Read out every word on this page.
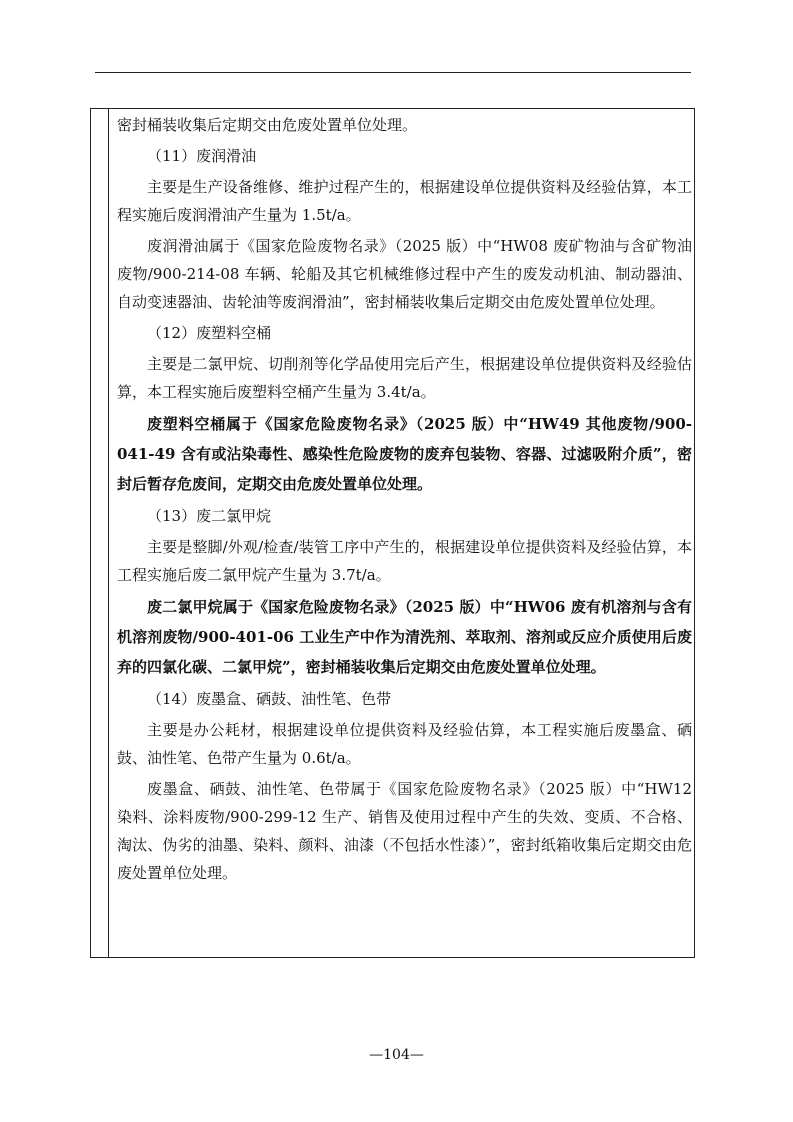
密封桶装收集后定期交由危废处置单位处理。

（11）废润滑油

主要是生产设备维修、维护过程产生的，根据建设单位提供资料及经验估算，本工程实施后废润滑油产生量为 1.5t/a。

废润滑油属于《国家危险废物名录》（2025 版）中“HW08 废矿物油与含矿物油废物/900-214-08 车辆、轮船及其它机械维修过程中产生的废发动机油、制动器油、自动变速器油、齿轮油等废润滑油”，密封桶装收集后定期交由危废处置单位处理。

（12）废塑料空桶

主要是二氯甲烷、切削剂等化学品使用完后产生，根据建设单位提供资料及经验估算，本工程实施后废塑料空桶产生量为 3.4t/a。

废塑料空桶属于《国家危险废物名录》（2025 版）中“HW49 其他废物/900-041-49 含有或沾染毒性、感染性危险废物的废弃包装物、容器、过滤吸附介质”，密封后暂存危废间，定期交由危废处置单位处理。

（13）废二氯甲烷

主要是整脚/外观/检查/装管工序中产生的，根据建设单位提供资料及经验估算，本工程实施后废二氯甲烷产生量为 3.7t/a。

废二氯甲烷属于《国家危险废物名录》（2025 版）中“HW06 废有机溶剂与含有机溶剂废物/900-401-06 工业生产中作为清洗剂、萃取剂、溶剂或反应介质使用后废弃的四氯化碳、二氯甲烷”，密封桶装收集后定期交由危废处置单位处理。

（14）废墨盒、硒鼓、油性笔、色带

主要是办公耗材，根据建设单位提供资料及经验估算，本工程实施后废墨盒、硒鼓、油性笔、色带产生量为 0.6t/a。

废墨盒、硒鼓、油性笔、色带属于《国家危险废物名录》（2025 版）中“HW12 染料、涂料废物/900-299-12 生产、销售及使用过程中产生的失效、变质、不合格、淘汰、伪劣的油墨、染料、颜料、油漆（不包括水性漆）”，密封纸箱收集后定期交由危废处置单位处理。

—104—
